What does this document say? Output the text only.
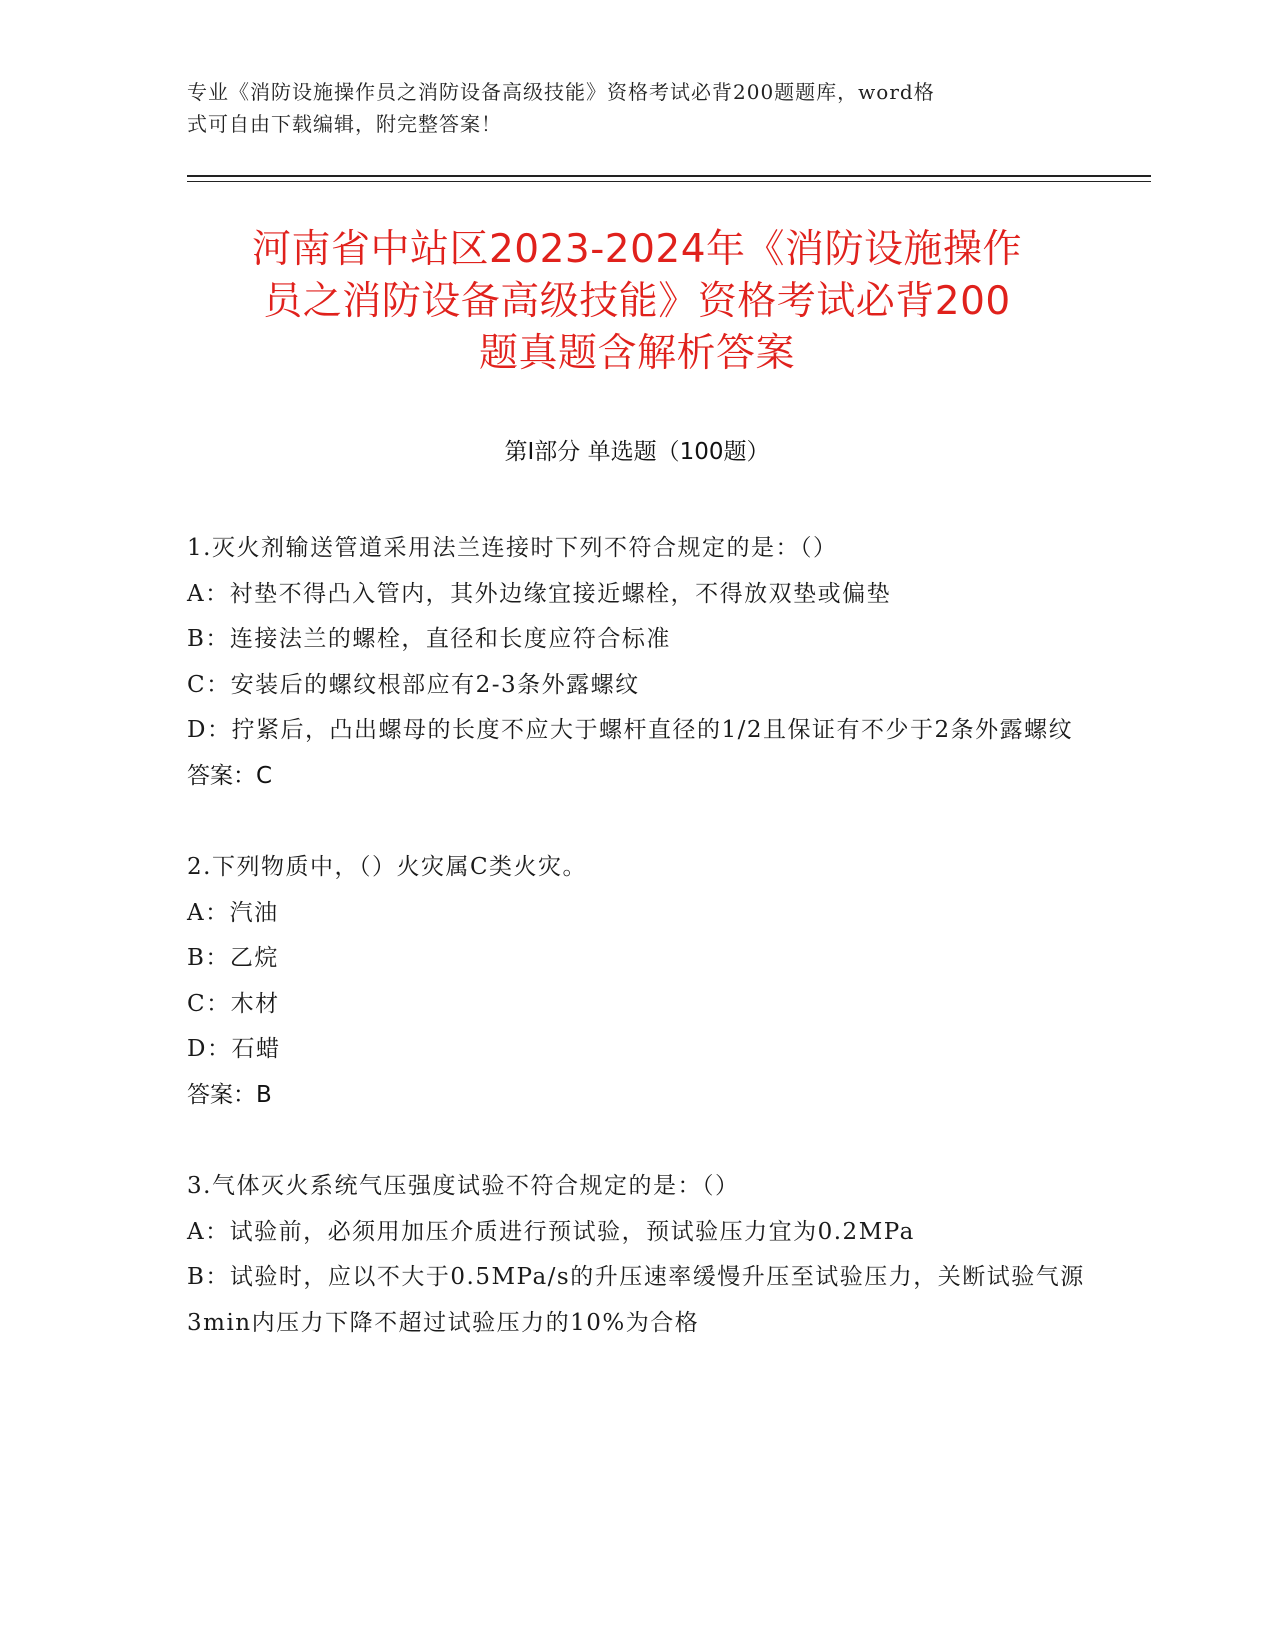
专业《消防设施操作员之消防设备高级技能》资格考试必背200题题库，word格
式可自由下载编辑，附完整答案！
河南省中站区2023-2024年《消防设施操作
员之消防设备高级技能》资格考试必背200
题真题含解析答案
第Ⅰ部分 单选题（100题）
1.灭火剂输送管道采用法兰连接时下列不符合规定的是：（）
A：衬垫不得凸入管内，其外边缘宜接近螺栓，不得放双垫或偏垫
B：连接法兰的螺栓，直径和长度应符合标准
C：安装后的螺纹根部应有2-3条外露螺纹
D：拧紧后，凸出螺母的长度不应大于螺杆直径的1/2且保证有不少于2条外露螺纹
答案：C
2.下列物质中，（）火灾属C类火灾。
A：汽油
B：乙烷
C：木材
D：石蜡
答案：B
3.气体灭火系统气压强度试验不符合规定的是：（）
A：试验前，必须用加压介质进行预试验，预试验压力宜为0.2MPa
B：试验时，应以不大于0.5MPa/s的升压速率缓慢升压至试验压力，关断试验气源3min内压力下降不超过试验压力的10%为合格
